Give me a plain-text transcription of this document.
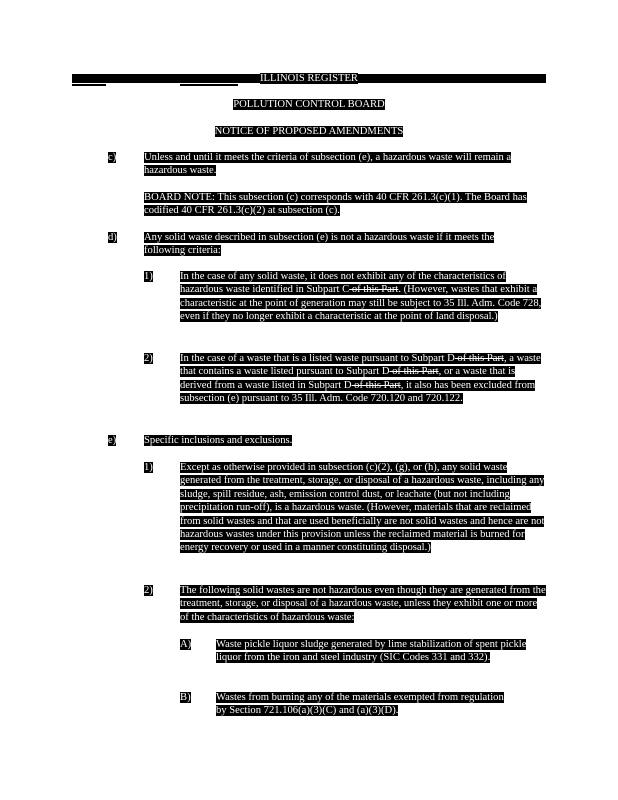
ILLINOIS REGISTER
POLLUTION CONTROL BOARD
NOTICE OF PROPOSED AMENDMENTS
c)	Unless and until it meets the criteria of subsection (e), a hazardous waste will remain a hazardous waste.
BOARD NOTE: This subsection (c) corresponds with 40 CFR 261.3(c)(1). The Board has codified 40 CFR 261.3(c)(2) at subsection (c).
d)	Any solid waste described in subsection (e) is not a hazardous waste if it meets the following criteria:
1)	In the case of any solid waste, it does not exhibit any of the characteristics of hazardous waste identified in Subpart C of this Part. (However, wastes that exhibit a characteristic at the point of generation may still be subject to 35 Ill. Adm. Code 728, even if they no longer exhibit a characteristic at the point of land disposal.)
2)	In the case of a waste that is a listed waste pursuant to Subpart D of this Part, a waste that contains a waste listed pursuant to Subpart D of this Part, or a waste that is derived from a waste listed in Subpart D of this Part, it also has been excluded from subsection (e) pursuant to 35 Ill. Adm. Code 720.120 and 720.122.
e)	Specific inclusions and exclusions.
1)	Except as otherwise provided in subsection (c)(2), (g), or (h), any solid waste generated from the treatment, storage, or disposal of a hazardous waste, including any sludge, spill residue, ash, emission control dust, or leachate (but not including precipitation run-off), is a hazardous waste. (However, materials that are reclaimed from solid wastes and that are used beneficially are not solid wastes and hence are not hazardous wastes under this provision unless the reclaimed material is burned for energy recovery or used in a manner constituting disposal.)
2)	The following solid wastes are not hazardous even though they are generated from the treatment, storage, or disposal of a hazardous waste, unless they exhibit one or more of the characteristics of hazardous waste:
A) Waste pickle liquor sludge generated by lime stabilization of spent pickle liquor from the iron and steel industry (SIC Codes 331 and 332).
B) Wastes from burning any of the materials exempted from regulation by Section 721.106(a)(3)(C) and (a)(3)(D).
